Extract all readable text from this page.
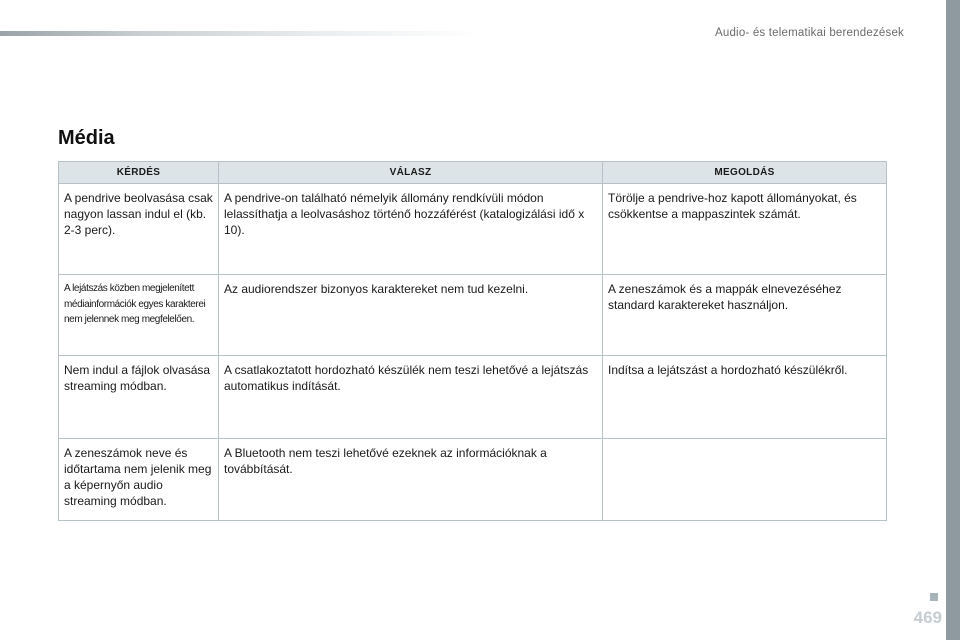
Audio- és telematikai berendezések
Média
KÉRDÉS	VÁLASZ	MEGOLDÁS
A pendrive beolvasása csak nagyon lassan indul el (kb. 2-3 perc).	A pendrive-on található némelyik állomány rendkívüli módon lelassíthatja a leolvasáshoz történő hozzáférést (katalogizálási idő x 10).	Törölje a pendrive-hoz kapott állományokat, és csökkentse a mappaszintek számát.
A lejátszás közben megjelenített médiainformációk egyes karakterei nem jelennek meg megfelelően.	Az audiorendszer bizonyos karaktereket nem tud kezelni.	A zeneszámok és a mappák elnevezéséhez standard karaktereket használjon.
Nem indul a fájlok olvasása streaming módban.	A csatlakoztatott hordozható készülék nem teszi lehetővé a lejátszás automatikus indítását.	Indítsa a lejátszást a hordozható készülékről.
A zeneszámok neve és időtartama nem jelenik meg a képernyőn audio streaming módban.	A Bluetooth nem teszi lehetővé ezeknek az információknak a továbbítását.	
469
